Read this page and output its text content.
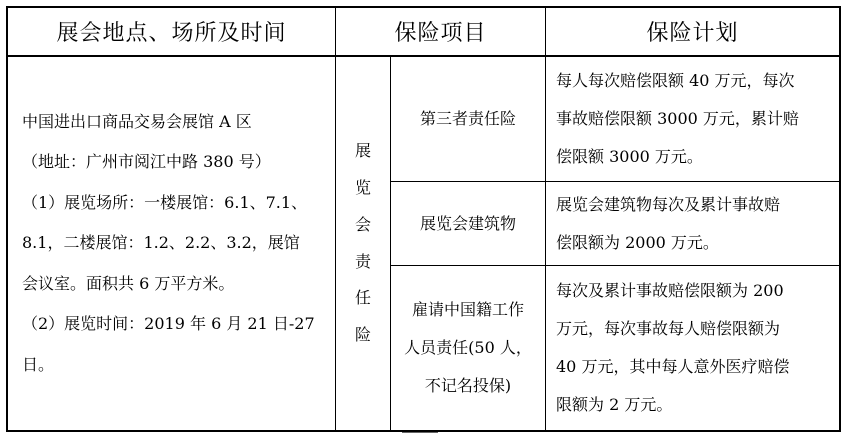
展会地点、场所及时间	保险项目	保险计划
中国进出口商品交易会展馆 A 区
（地址：广州市阅江中路 380 号）
（1）展览场所：一楼展馆：6.1、7.1、
8.1，二楼展馆：1.2、2.2、3.2，展馆
会议室。面积共 6 万平方米。
（2）展览时间：2019 年 6 月 21 日-27
日。
展
览
会
责
任
险
第三者责任险
每人每次赔偿限额 40 万元，每次
事故赔偿限额 3000 万元，累计赔
偿限额 3000 万元。
展览会建筑物
展览会建筑物每次及累计事故赔
偿限额为 2000 万元。
雇请中国籍工作
人员责任(50 人，
不记名投保)
每次及累计事故赔偿限额为 200
万元，每次事故每人赔偿限额为
40 万元，其中每人意外医疗赔偿
限额为 2 万元。
